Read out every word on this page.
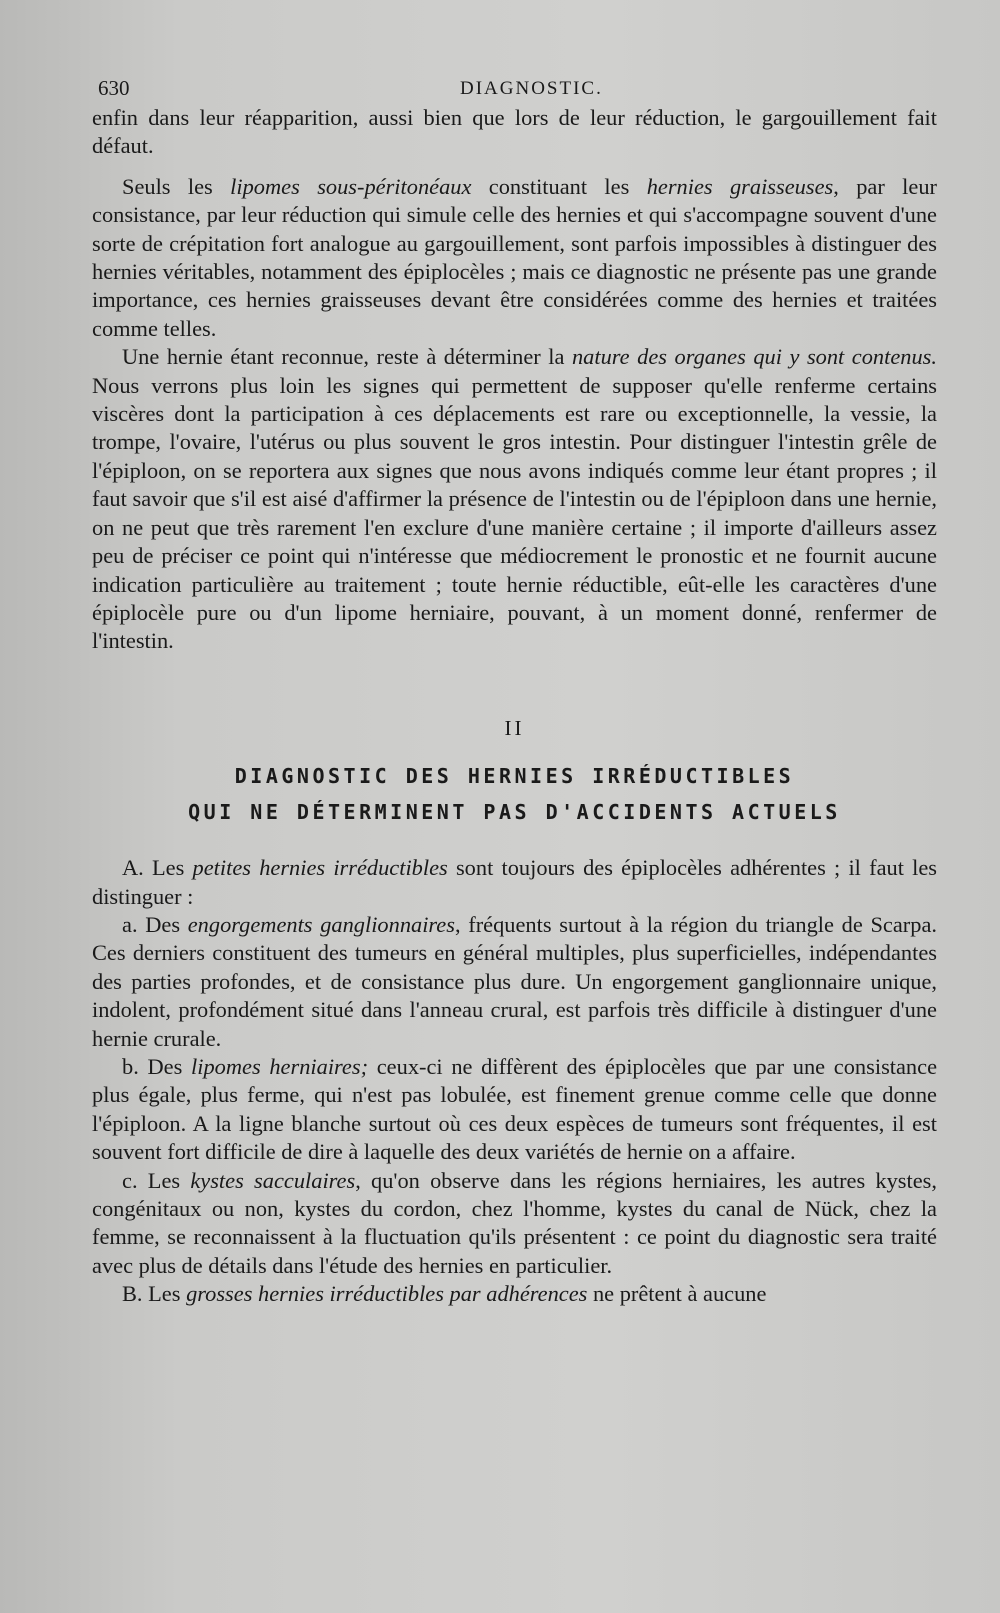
630	DIAGNOSTIC.

enfin dans leur réapparition, aussi bien que lors de leur réduction, le gargouillement fait défaut.

Seuls les lipomes sous-péritonéaux constituant les hernies graisseuses, par leur consistance, par leur réduction qui simule celle des hernies et qui s'accompagne souvent d'une sorte de crépitation fort analogue au gargouillement, sont parfois impossibles à distinguer des hernies véritables, notamment des épiplocèles ; mais ce diagnostic ne présente pas une grande importance, ces hernies graisseuses devant être considérées comme des hernies et traitées comme telles.

Une hernie étant reconnue, reste à déterminer la nature des organes qui y sont contenus. Nous verrons plus loin les signes qui permettent de supposer qu'elle renferme certains viscères dont la participation à ces déplacements est rare ou exceptionnelle, la vessie, la trompe, l'ovaire, l'utérus ou plus souvent le gros intestin. Pour distinguer l'intestin grêle de l'épiploon, on se reportera aux signes que nous avons indiqués comme leur étant propres ; il faut savoir que s'il est aisé d'affirmer la présence de l'intestin ou de l'épiploon dans une hernie, on ne peut que très rarement l'en exclure d'une manière certaine ; il importe d'ailleurs assez peu de préciser ce point qui n'intéresse que médiocrement le pronostic et ne fournit aucune indication particulière au traitement ; toute hernie réductible, eût-elle les caractères d'une épiplocèle pure ou d'un lipome herniaire, pouvant, à un moment donné, renfermer de l'intestin.

II
DIAGNOSTIC DES HERNIES IRRÉDUCTIBLES
QUI NE DÉTERMINENT PAS D'ACCIDENTS ACTUELS

A. Les petites hernies irréductibles sont toujours des épiplocèles adhérentes ; il faut les distinguer :

a. Des engorgements ganglionnaires, fréquents surtout à la région du triangle de Scarpa. Ces derniers constituent des tumeurs en général multiples, plus superficielles, indépendantes des parties profondes, et de consistance plus dure. Un engorgement ganglionnaire unique, indolent, profondément situé dans l'anneau crural, est parfois très difficile à distinguer d'une hernie crurale.

b. Des lipomes herniaires; ceux-ci ne diffèrent des épiplocèles que par une consistance plus égale, plus ferme, qui n'est pas lobulée, est finement grenue comme celle que donne l'épiploon. A la ligne blanche surtout où ces deux espèces de tumeurs sont fréquentes, il est souvent fort difficile de dire à laquelle des deux variétés de hernie on a affaire.

c. Les kystes sacculaires, qu'on observe dans les régions herniaires, les autres kystes, congénitaux ou non, kystes du cordon, chez l'homme, kystes du canal de Nück, chez la femme, se reconnaissent à la fluctuation qu'ils présentent : ce point du diagnostic sera traité avec plus de détails dans l'étude des hernies en particulier.

B. Les grosses hernies irréductibles par adhérences ne prêtent à aucune
